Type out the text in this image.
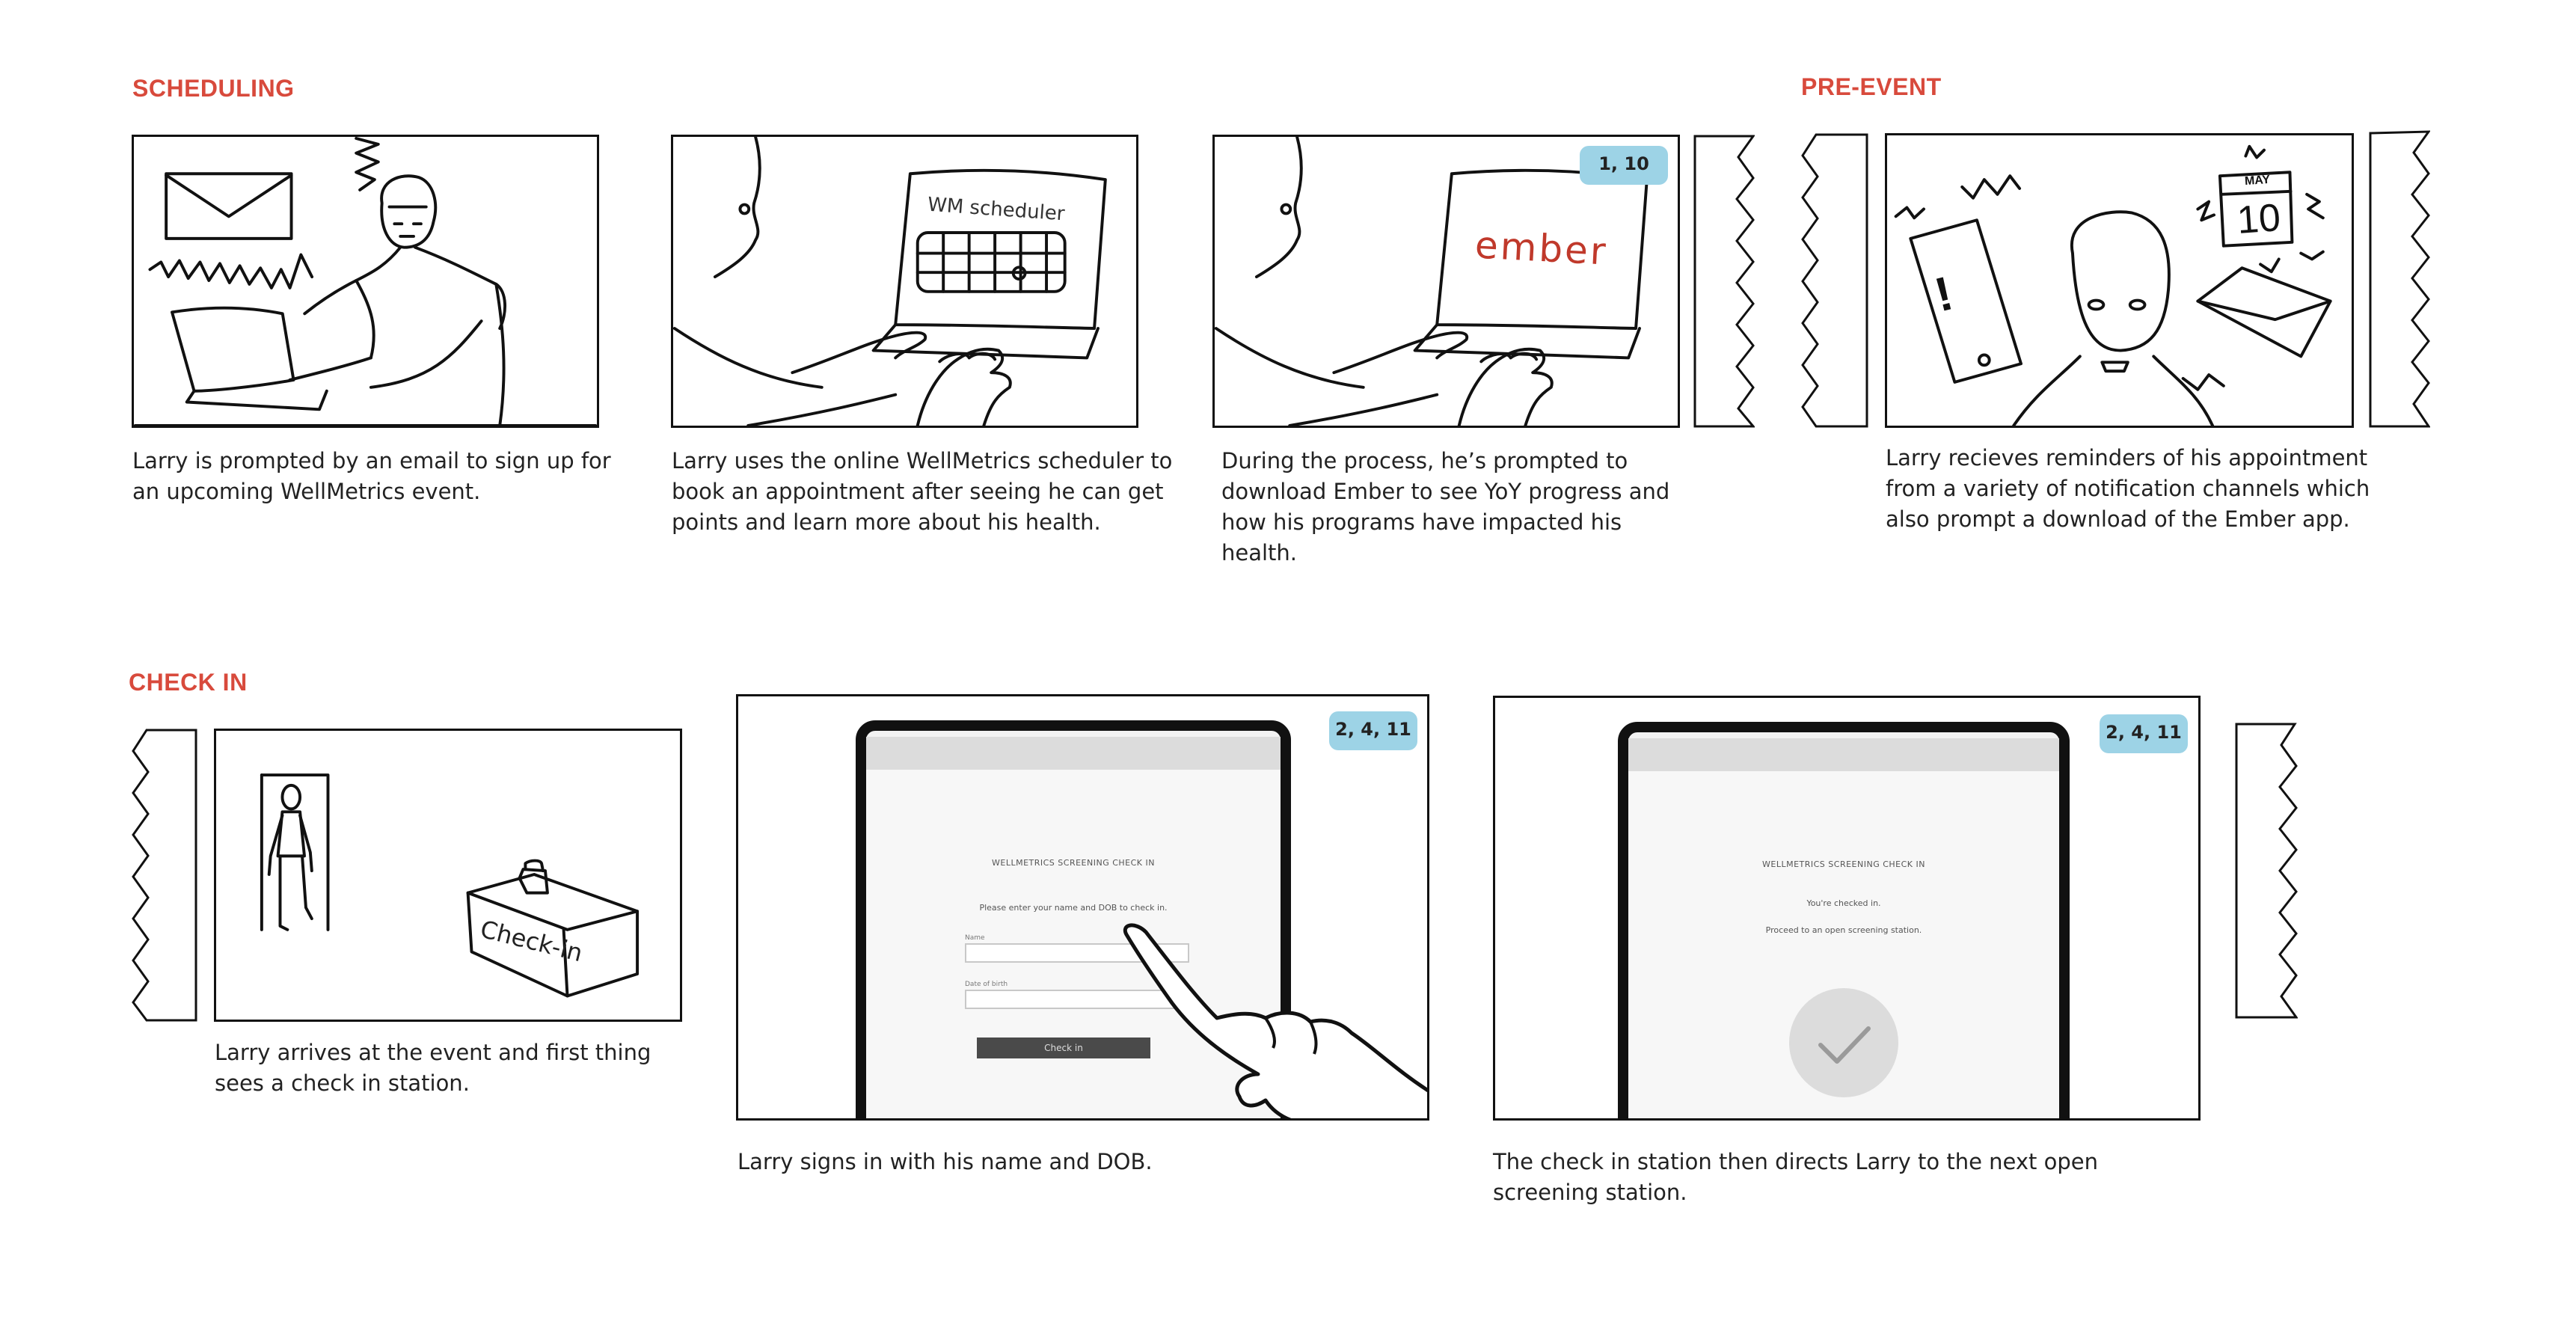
SCHEDULING	PRE-EVENT
CHECK IN
Larry is prompted by an email to sign up for an upcoming WellMetrics event.
WM scheduler
Larry uses the online WellMetrics scheduler to book an appointment after seeing he can get points and learn more about his health.
ember
1, 10
During the process, he’s prompted to download Ember to see YoY progress and how his programs have impacted his health.
!
MAY
10
Larry recieves reminders of his appointment from a variety of notification channels which also prompt a download of the Ember app.
Check-in
Larry arrives at the event and first thing sees a check in station.
WELLMETRICS SCREENING CHECK IN
Please enter your name and DOB to check in.
Name
Date of birth
Check in
2, 4, 11
Larry signs in with his name and DOB.
WELLMETRICS SCREENING CHECK IN
You're checked in.
Proceed to an open screening station.
2, 4, 11
The check in station then directs Larry to the next open screening station.
